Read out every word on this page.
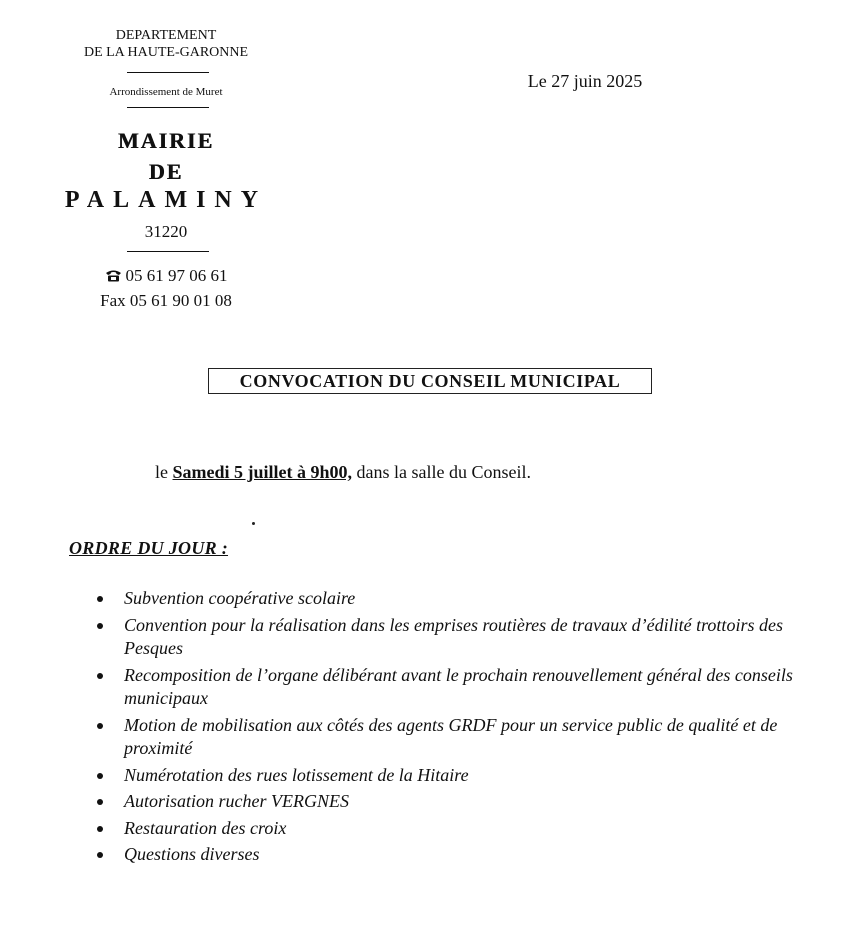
DEPARTEMENT
DE LA HAUTE-GARONNE
Arrondissement de Muret
MAIRIE
DE
PALAMINY
31220
05 61 97 06 61
Fax 05 61 90 01 08
Le 27 juin 2025
CONVOCATION DU CONSEIL MUNICIPAL
le Samedi 5 juillet à 9h00, dans la salle du Conseil.
ORDRE DU JOUR :
Subvention coopérative scolaire
Convention pour la réalisation dans les emprises routières de travaux d’édilité trottoirs des Pesques
Recomposition de l’organe délibérant avant le prochain renouvellement général des conseils municipaux
Motion de mobilisation aux côtés des agents GRDF pour un service public de qualité et de proximité
Numérotation des rues lotissement de la Hitaire
Autorisation rucher VERGNES
Restauration des croix
Questions diverses
